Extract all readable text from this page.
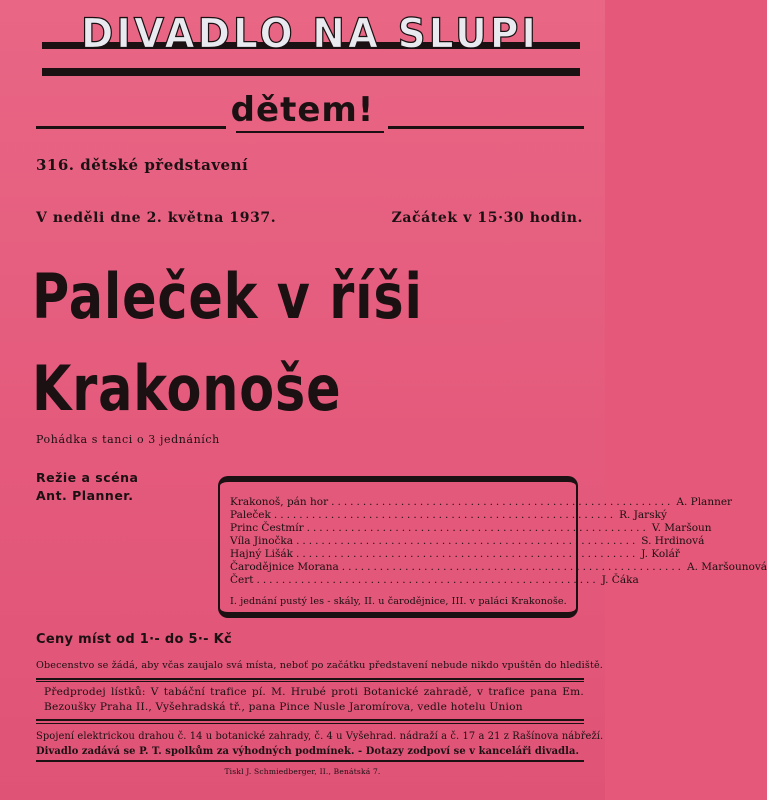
DIVADLO NA SLUPI
dětem!
316. dětské představení
V neděli dne 2. května 1937.	Začátek v 15·30 hodin.
Paleček v říši
Krakonoše
Pohádka s tanci o 3 jednáních
Režie a scéna
Ant. Planner.	Krakonoš, pán hor ...................................................... A. Planner
Paleček ...................................................... R. Jarský
Princ Čestmír ...................................................... V. Maršoun
Víla Jinočka ...................................................... S. Hrdinová
Hajný Lišák ...................................................... J. Kolář
Čarodějnice Morana ...................................................... A. Maršounová
Čert ...................................................... J. Čáka
I. jednání pustý les - skály, II. u čarodějnice, III. v paláci Krakonoše.
Ceny míst od 1·- do 5·- Kč
Obecenstvo se žádá, aby včas zaujalo svá místa, neboť po začátku představení nebude nikdo vpuštěn do hlediště.
Předprodej lístků: V tabáční trafice pí. M. Hrubé proti Botanické zahradě, v trafice pana Em. Bezoušky Praha II., Vyšehradská tř., pana Pince Nusle Jaromírova, vedle hotelu Union
Spojení elektrickou drahou č. 14 u botanické zahrady, č. 4 u Vyšehrad. nádraží a č. 17 a 21 z Rašínova nábřeží.
Divadlo zadává se P. T. spolkům za výhodných podmínek. - Dotazy zodpoví se v kanceláři divadla.
Tiskl J. Schmiedberger, II., Benátská 7.
